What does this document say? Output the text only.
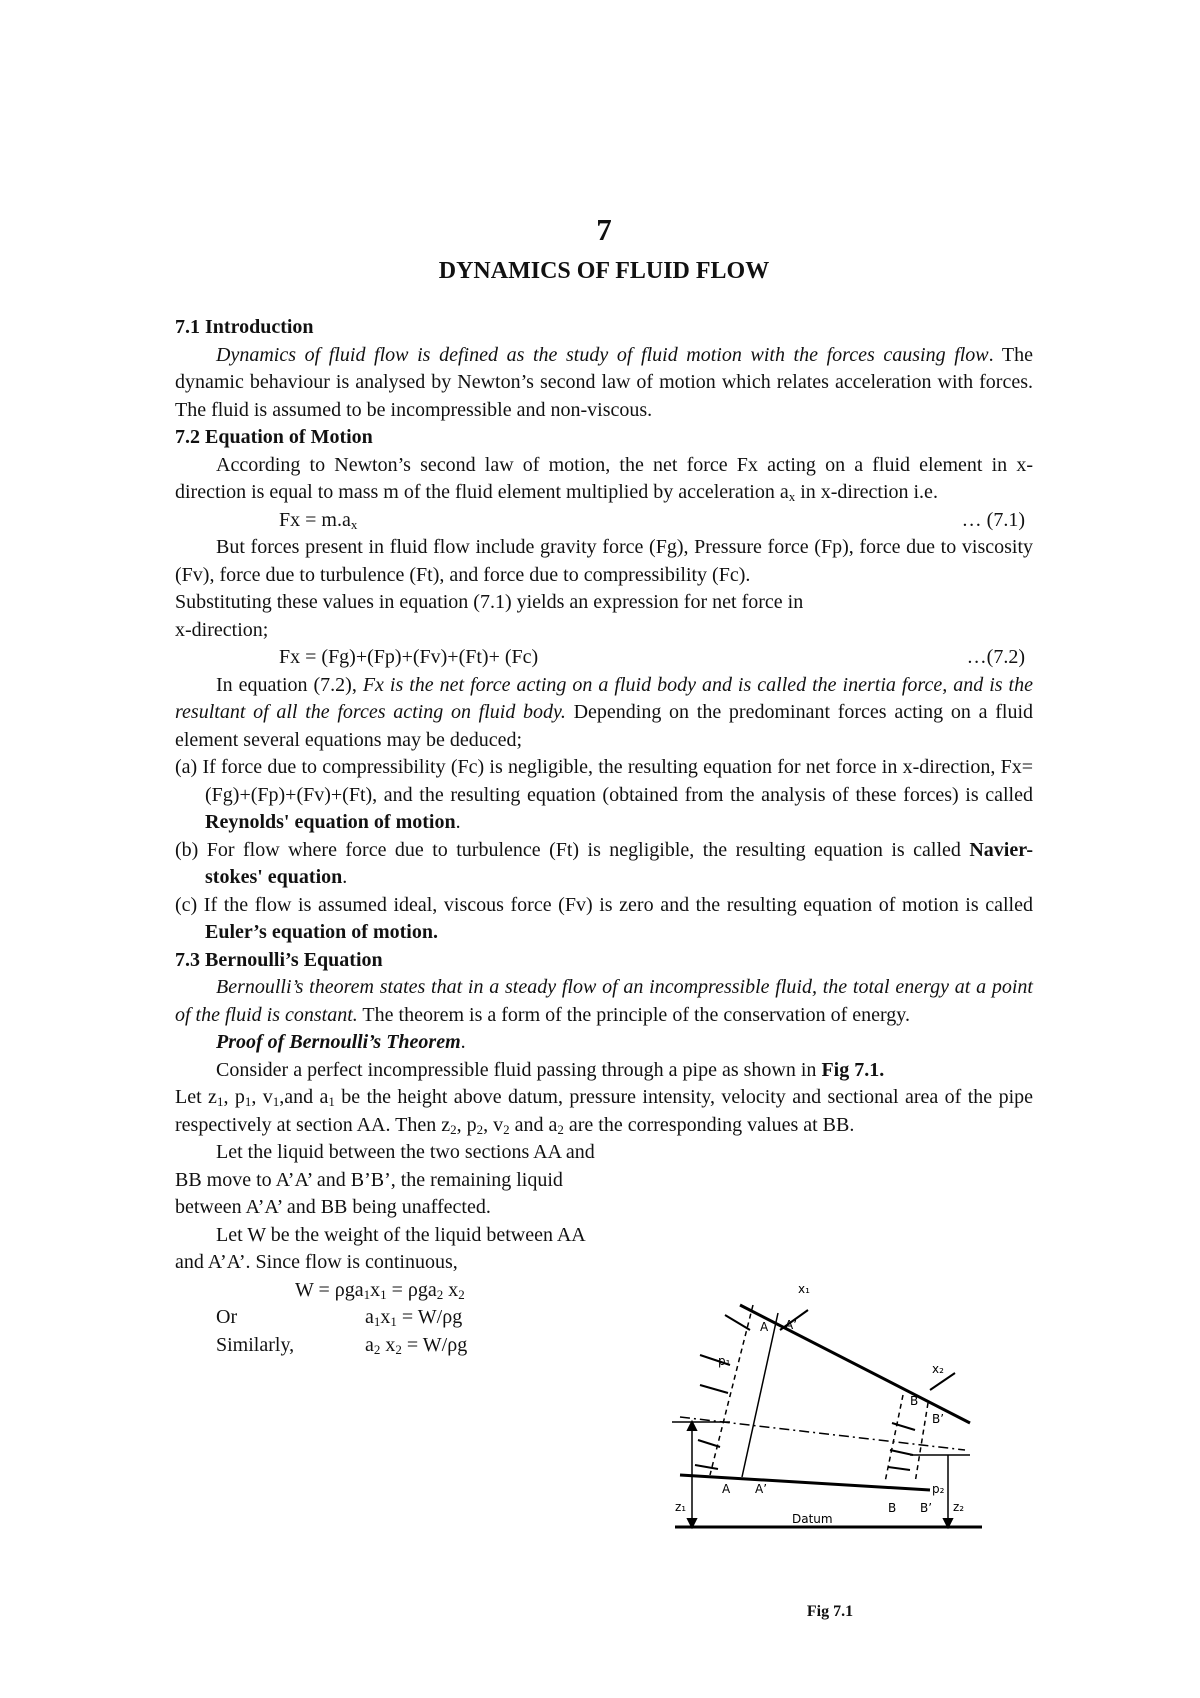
7
DYNAMICS OF FLUID FLOW

7.1 Introduction

Dynamics of fluid flow is defined as the study of fluid motion with the forces causing flow. The dynamic behaviour is analysed by Newton’s second law of motion which relates acceleration with forces. The fluid is assumed to be incompressible and non-viscous.

7.2 Equation of Motion

According to Newton’s second law of motion, the net force Fx acting on a fluid element in x-direction is equal to mass m of the fluid element multiplied by acceleration $a_x$ in x-direction i.e.

$Fx = m.a_x$	… (7.1)

But forces present in fluid flow include gravity force (Fg), Pressure force (Fp), force due to viscosity (Fv), force due to turbulence (Ft), and force due to compressibility (Fc).

Substituting these values in equation (7.1) yields an expression for net force in

x-direction;

Fx = (Fg)+(Fp)+(Fv)+(Ft)+ (Fc)	…(7.2)

In equation (7.2), Fx is the net force acting on a fluid body and is called the inertia force, and is the resultant of all the forces acting on fluid body. Depending on the predominant forces acting on a fluid element several equations may be deduced;

(a) If force due to compressibility (Fc) is negligible, the resulting equation for net force in x-direction, Fx=(Fg)+(Fp)+(Fv)+(Ft), and the resulting equation (obtained from the analysis of these forces) is called Reynolds' equation of motion.

(b) For flow where force due to turbulence (Ft) is negligible, the resulting equation is called Navier-stokes' equation.

(c) If the flow is assumed ideal, viscous force (Fv) is zero and the resulting equation of motion is called Euler’s equation of motion.

7.3 Bernoulli’s Equation

Bernoulli’s theorem states that in a steady flow of an incompressible fluid, the total energy at a point of the fluid is constant. The theorem is a form of the principle of the conservation of energy.

Proof of Bernoulli’s Theorem.

Consider a perfect incompressible fluid passing through a pipe as shown in Fig 7.1.

Let $z_1$, $p_1$, $v_1,and$ $a_1$ be the height above datum, pressure intensity, velocity and sectional area of the pipe respectively at section AA. Then $z_2$, $p_2$, $v_2$ and $a_2$ are the corresponding values at BB.

Let the liquid between the two sections AA and BB move to A’A’ and B’B’, the remaining liquid between A’A’ and BB being unaffected.

Let W be the weight of the liquid between AA and A’A’. Since flow is continuous,

$W = \rho ga_1x_1 = \rho ga_2$ $x_2$
Or	$a_1x_1 = W/\rho g$
Similarly,	$a_2$ $x_2 = W/\rho g$
x₁
A A’
p₁
x₂
B
B’
A A’	p₂
B B’
z₁	z₂
Datum
Fig 7.1
